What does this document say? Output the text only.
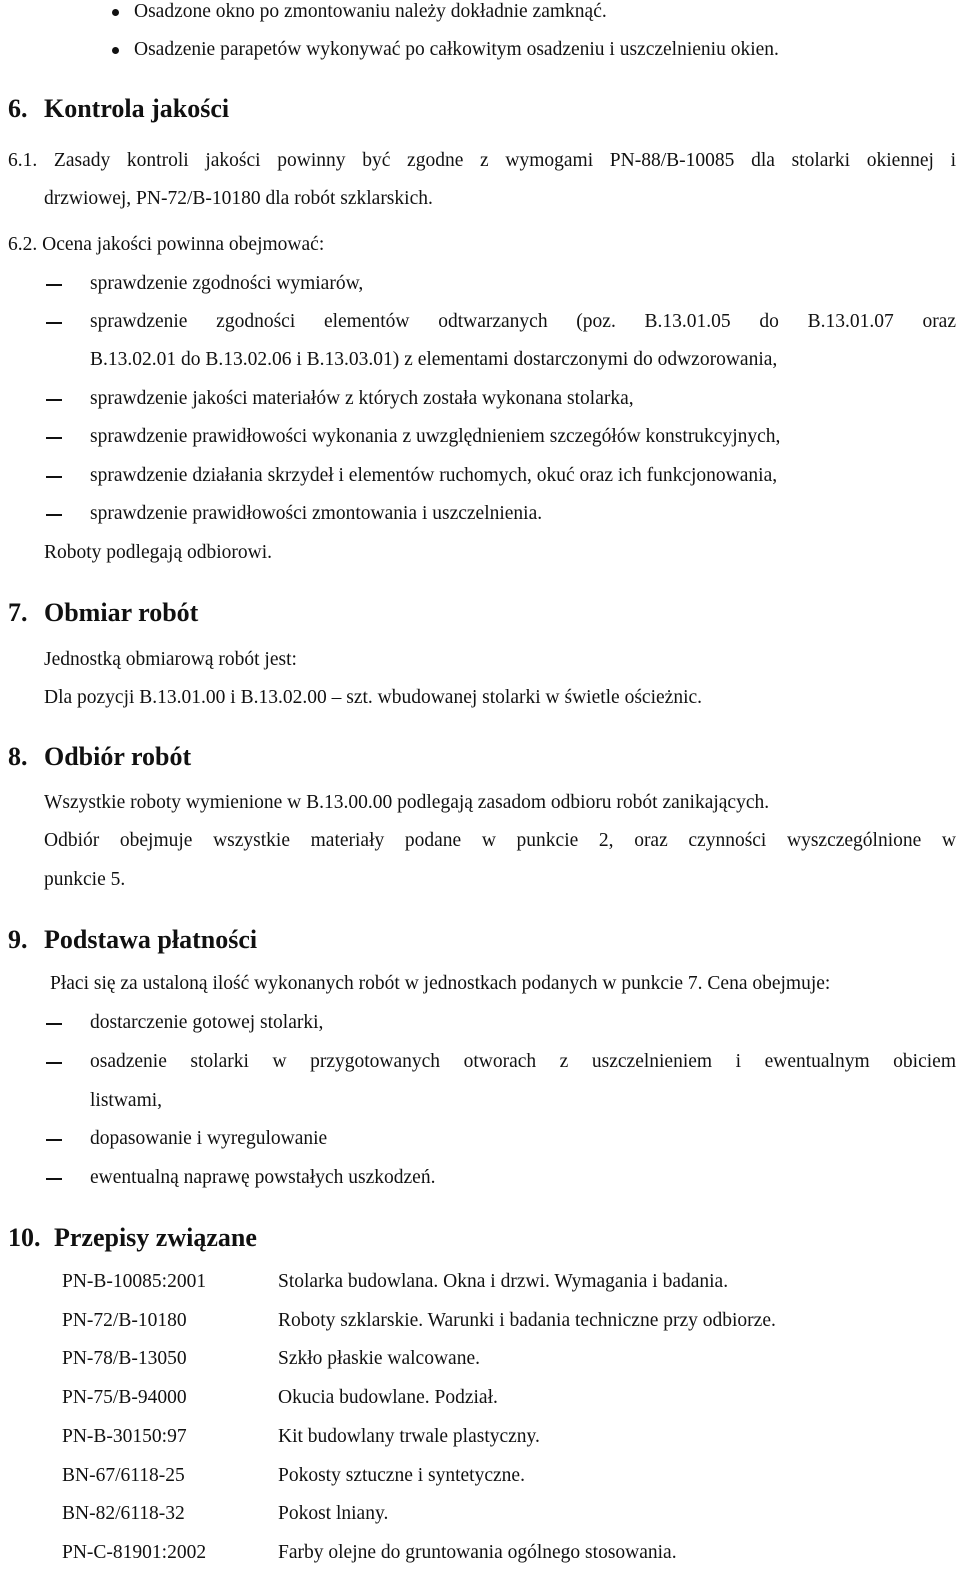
Osadzone okno po zmontowaniu należy dokładnie zamknąć.
Osadzenie parapetów wykonywać po całkowitym osadzeniu i uszczelnieniu okien.
6. Kontrola jakości
6.1. Zasady kontroli jakości powinny być zgodne z wymogami PN-88/B-10085 dla stolarki okiennej i
drzwiowej, PN-72/B-10180 dla robót szklarskich.
6.2. Ocena jakości powinna obejmować:
sprawdzenie zgodności wymiarów,
sprawdzenie zgodności elementów odtwarzanych (poz. B.13.01.05 do B.13.01.07 oraz
B.13.02.01 do B.13.02.06 i B.13.03.01) z elementami dostarczonymi do odwzorowania,
sprawdzenie jakości materiałów z których została wykonana stolarka,
sprawdzenie prawidłowości wykonania z uwzględnieniem szczegółów konstrukcyjnych,
sprawdzenie działania skrzydeł i elementów ruchomych, okuć oraz ich funkcjonowania,
sprawdzenie prawidłowości zmontowania i uszczelnienia.
Roboty podlegają odbiorowi.
7. Obmiar robót
Jednostką obmiarową robót jest:
Dla pozycji B.13.01.00 i B.13.02.00 – szt. wbudowanej stolarki w świetle ościeżnic.
8. Odbiór robót
Wszystkie roboty wymienione w B.13.00.00 podlegają zasadom odbioru robót zanikających.
Odbiór obejmuje wszystkie materiały podane w punkcie 2, oraz czynności wyszczególnione w
punkcie 5.
9. Podstawa płatności
Płaci się za ustaloną ilość wykonanych robót w jednostkach podanych w punkcie 7. Cena obejmuje:
dostarczenie gotowej stolarki,
osadzenie stolarki w przygotowanych otworach z uszczelnieniem i ewentualnym obiciem
listwami,
dopasowanie i wyregulowanie
ewentualną naprawę powstałych uszkodzeń.
10. Przepisy związane
PN-B-10085:2001	Stolarka budowlana. Okna i drzwi. Wymagania i badania.
PN-72/B-10180	Roboty szklarskie. Warunki i badania techniczne przy odbiorze.
PN-78/B-13050	Szkło płaskie walcowane.
PN-75/B-94000	Okucia budowlane. Podział.
PN-B-30150:97	Kit budowlany trwale plastyczny.
BN-67/6118-25	Pokosty sztuczne i syntetyczne.
BN-82/6118-32	Pokost lniany.
PN-C-81901:2002	Farby olejne do gruntowania ogólnego stosowania.
